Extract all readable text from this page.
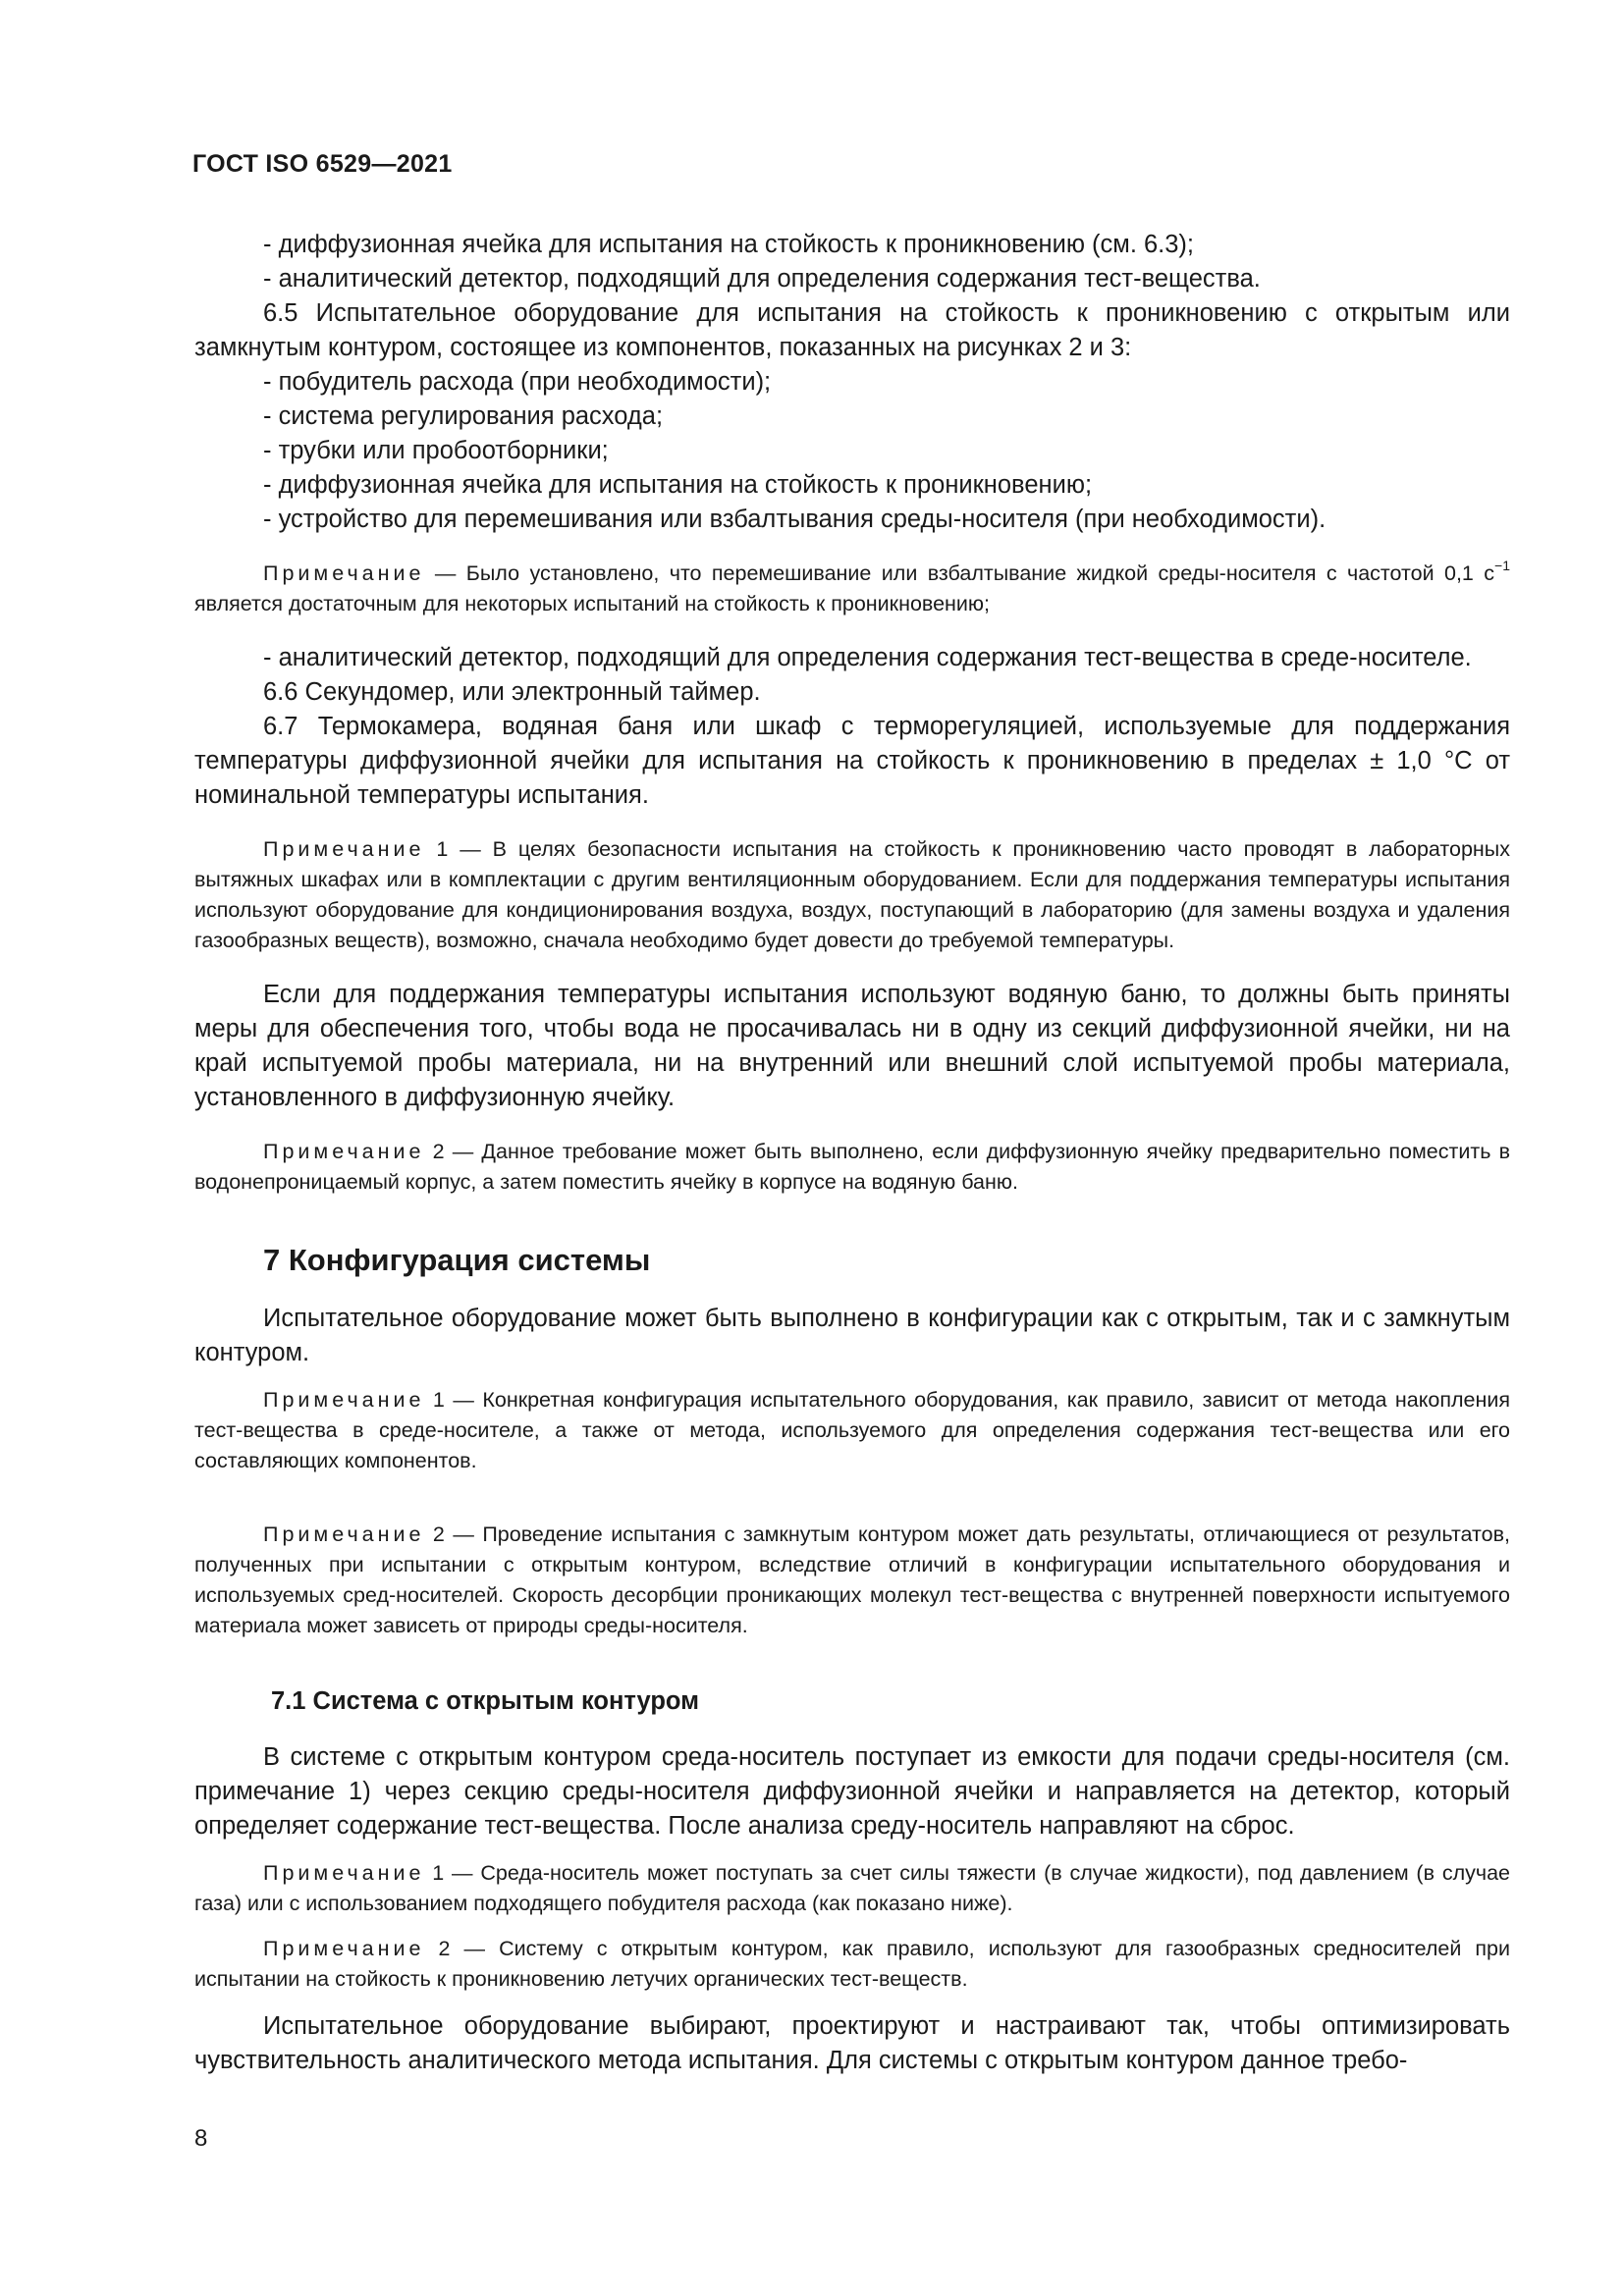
ГОСТ ISO 6529—2021

- диффузионная ячейка для испытания на стойкость к проникновению (см. 6.3);

- аналитический детектор, подходящий для определения содержания тест-вещества.

6.5 Испытательное оборудование для испытания на стойкость к проникновению с открытым или замкнутым контуром, состоящее из компонентов, показанных на рисунках 2 и 3:

- побудитель расхода (при необходимости);

- система регулирования расхода;

- трубки или пробоотборники;

- диффузионная ячейка для испытания на стойкость к проникновению;

- устройство для перемешивания или взбалтывания среды-носителя (при необходимости).

Примечание — Было установлено, что перемешивание или взбалтывание жидкой среды-носителя с частотой 0,1 $с^{-1}$ является достаточным для некоторых испытаний на стойкость к проникновению;

- аналитический детектор, подходящий для определения содержания тест-вещества в среде-носителе.

6.6 Секундомер, или электронный таймер.

6.7 Термокамера, водяная баня или шкаф с терморегуляцией, используемые для поддержания температуры диффузионной ячейки для испытания на стойкость к проникновению в пределах ± 1,0 °С от номинальной температуры испытания.

Примечание 1 — В целях безопасности испытания на стойкость к проникновению часто проводят в лабораторных вытяжных шкафах или в комплектации с другим вентиляционным оборудованием. Если для поддержания температуры испытания используют оборудование для кондиционирования воздуха, воздух, поступающий в лабораторию (для замены воздуха и удаления газообразных веществ), возможно, сначала необходимо будет довести до требуемой температуры.

Если для поддержания температуры испытания используют водяную баню, то должны быть приняты меры для обеспечения того, чтобы вода не просачивалась ни в одну из секций диффузионной ячейки, ни на край испытуемой пробы материала, ни на внутренний или внешний слой испытуемой пробы материала, установленного в диффузионную ячейку.

Примечание 2 — Данное требование может быть выполнено, если диффузионную ячейку предварительно поместить в водонепроницаемый корпус, а затем поместить ячейку в корпусе на водяную баню.

7 Конфигурация системы

Испытательное оборудование может быть выполнено в конфигурации как с открытым, так и с замкнутым контуром.

Примечание 1 — Конкретная конфигурация испытательного оборудования, как правило, зависит от метода накопления тест-вещества в среде-носителе, а также от метода, используемого для определения содержания тест-вещества или его составляющих компонентов.

Примечание 2 — Проведение испытания с замкнутым контуром может дать результаты, отличающиеся от результатов, полученных при испытании с открытым контуром, вследствие отличий в конфигурации испытательного оборудования и используемых сред-носителей. Скорость десорбции проникающих молекул тест-вещества с внутренней поверхности испытуемого материала может зависеть от природы среды-носителя.

7.1 Система с открытым контуром

В системе с открытым контуром среда-носитель поступает из емкости для подачи среды-носителя (см. примечание 1) через секцию среды-носителя диффузионной ячейки и направляется на детектор, который определяет содержание тест-вещества. После анализа среду-носитель направляют на сброс.

Примечание 1 — Среда-носитель может поступать за счет силы тяжести (в случае жидкости), под давлением (в случае газа) или с использованием подходящего побудителя расхода (как показано ниже).

Примечание 2 — Систему с открытым контуром, как правило, используют для газообразных средносителей при испытании на стойкость к проникновению летучих органических тест-веществ.

Испытательное оборудование выбирают, проектируют и настраивают так, чтобы оптимизировать чувствительность аналитического метода испытания. Для системы с открытым контуром данное требо-

8
